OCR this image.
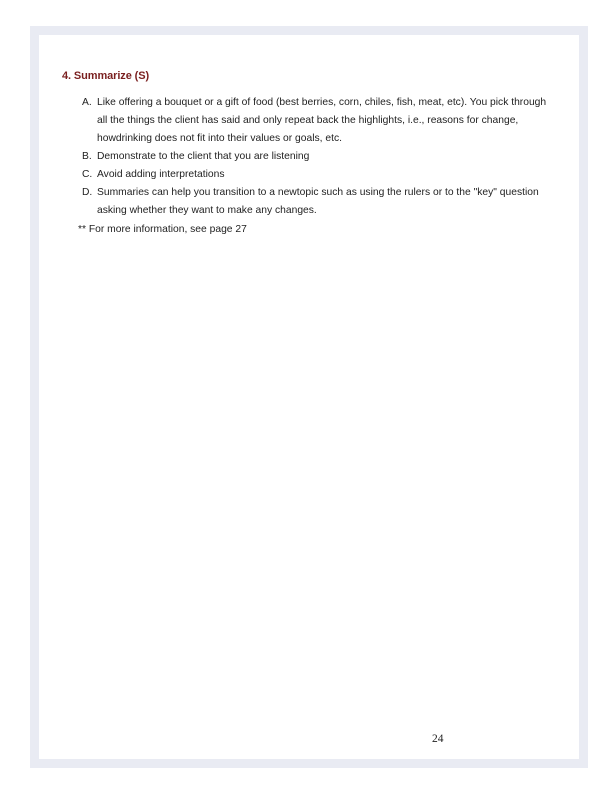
4. Summarize (S)
A. Like offering a bouquet or a gift of food (best berries, corn, chiles, fish, meat, etc). You pick through all the things the client has said and only repeat back the highlights, i.e., reasons for change, howdrinking does not fit into their values or goals, etc.
B. Demonstrate to the client that you are listening
C. Avoid adding interpretations
D. Summaries can help you transition to a newtopic such as using the rulers or to the "key" question asking whether they want to make any changes.
** For more information, see page 27
24
